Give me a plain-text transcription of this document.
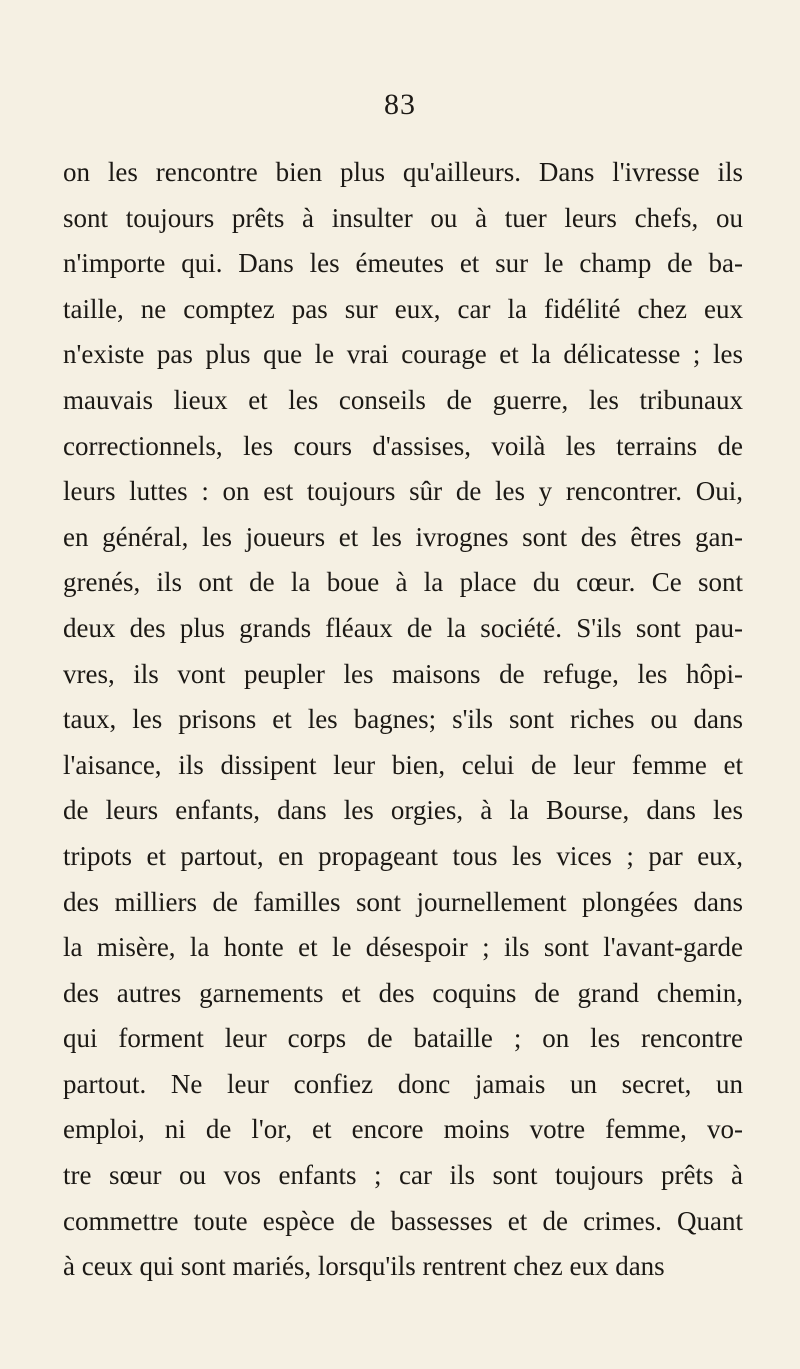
83
on les rencontre bien plus qu'ailleurs. Dans l'ivresse ils
sont toujours prêts à insulter ou à tuer leurs chefs, ou
n'importe qui. Dans les émeutes et sur le champ de ba-
taille, ne comptez pas sur eux, car la fidélité chez eux
n'existe pas plus que le vrai courage et la délicatesse ; les
mauvais lieux et les conseils de guerre, les tribunaux
correctionnels, les cours d'assises, voilà les terrains de
leurs luttes : on est toujours sûr de les y rencontrer. Oui,
en général, les joueurs et les ivrognes sont des êtres gan-
grenés, ils ont de la boue à la place du cœur. Ce sont
deux des plus grands fléaux de la société. S'ils sont pau-
vres, ils vont peupler les maisons de refuge, les hôpi-
taux, les prisons et les bagnes; s'ils sont riches ou dans
l'aisance, ils dissipent leur bien, celui de leur femme et
de leurs enfants, dans les orgies, à la Bourse, dans les
tripots et partout, en propageant tous les vices ; par eux,
des milliers de familles sont journellement plongées dans
la misère, la honte et le désespoir ; ils sont l'avant-garde
des autres garnements et des coquins de grand chemin,
qui forment leur corps de bataille ; on les rencontre
partout. Ne leur confiez donc jamais un secret, un
emploi, ni de l'or, et encore moins votre femme, vo-
tre sœur ou vos enfants ; car ils sont toujours prêts à
commettre toute espèce de bassesses et de crimes. Quant
à ceux qui sont mariés, lorsqu'ils rentrent chez eux dans
